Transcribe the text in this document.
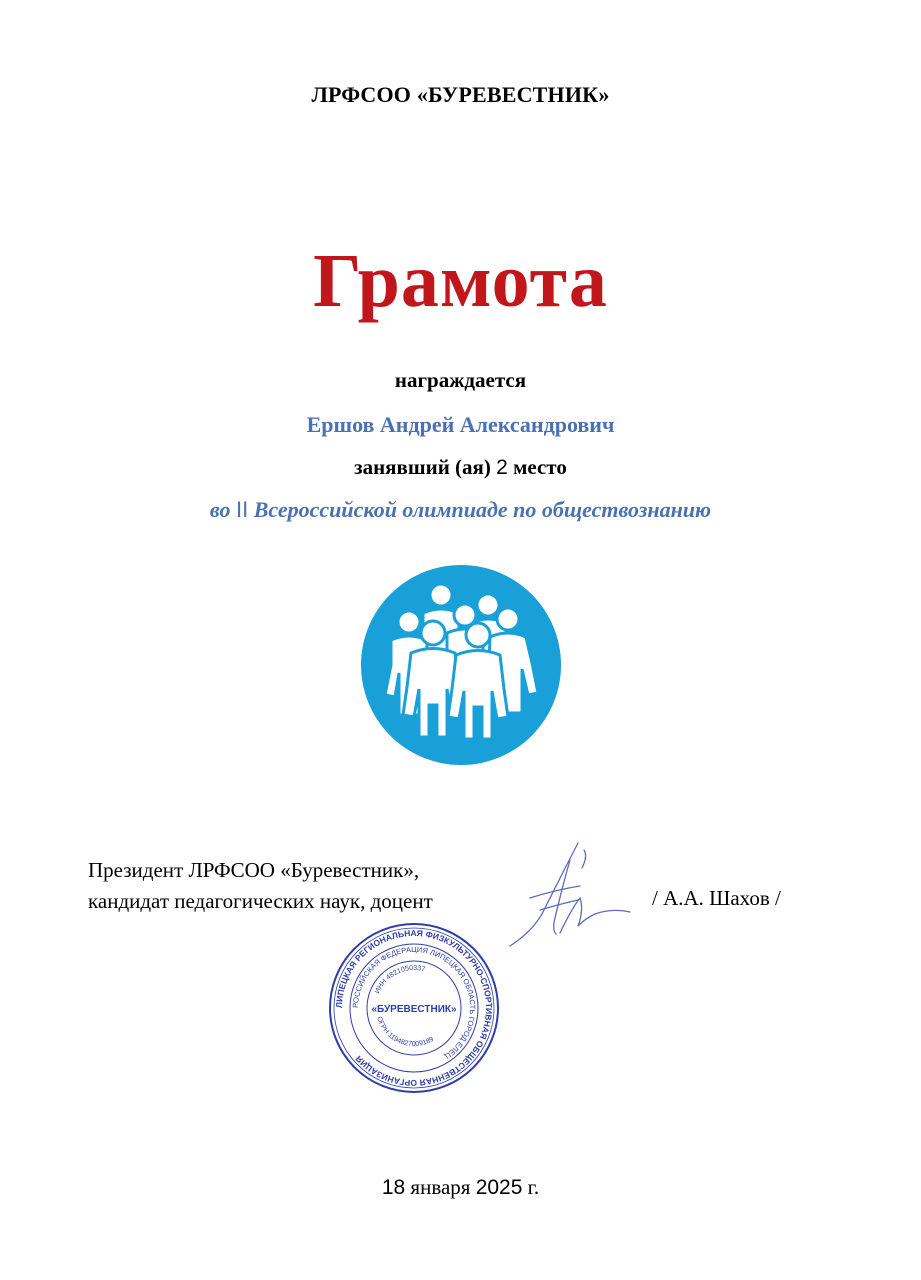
ЛРФСОО «БУРЕВЕСТНИК»
Грамота
награждается
Ершов Андрей Александрович
занявший (ая) 2 место
во II Всероссийской олимпиаде по обществознанию
Президент ЛРФСОО «Буревестник»,
кандидат педагогических наук, доцент	/ А.А. Шахов /
ЛИПЕЦКАЯ РЕГИОНАЛЬНАЯ ФИЗКУЛЬТУРНО-СПОРТИВНАЯ ОБЩЕСТВЕННАЯ ОРГАНИЗАЦИЯ
РОССИЙСКАЯ ФЕДЕРАЦИЯ ЛИПЕЦКАЯ ОБЛАСТЬ ГОРОД ЕЛЕЦ
ИНН 4821050337
ОГРН 1194827009189
«БУРЕВЕСТНИК»
18 января 2025 г.
